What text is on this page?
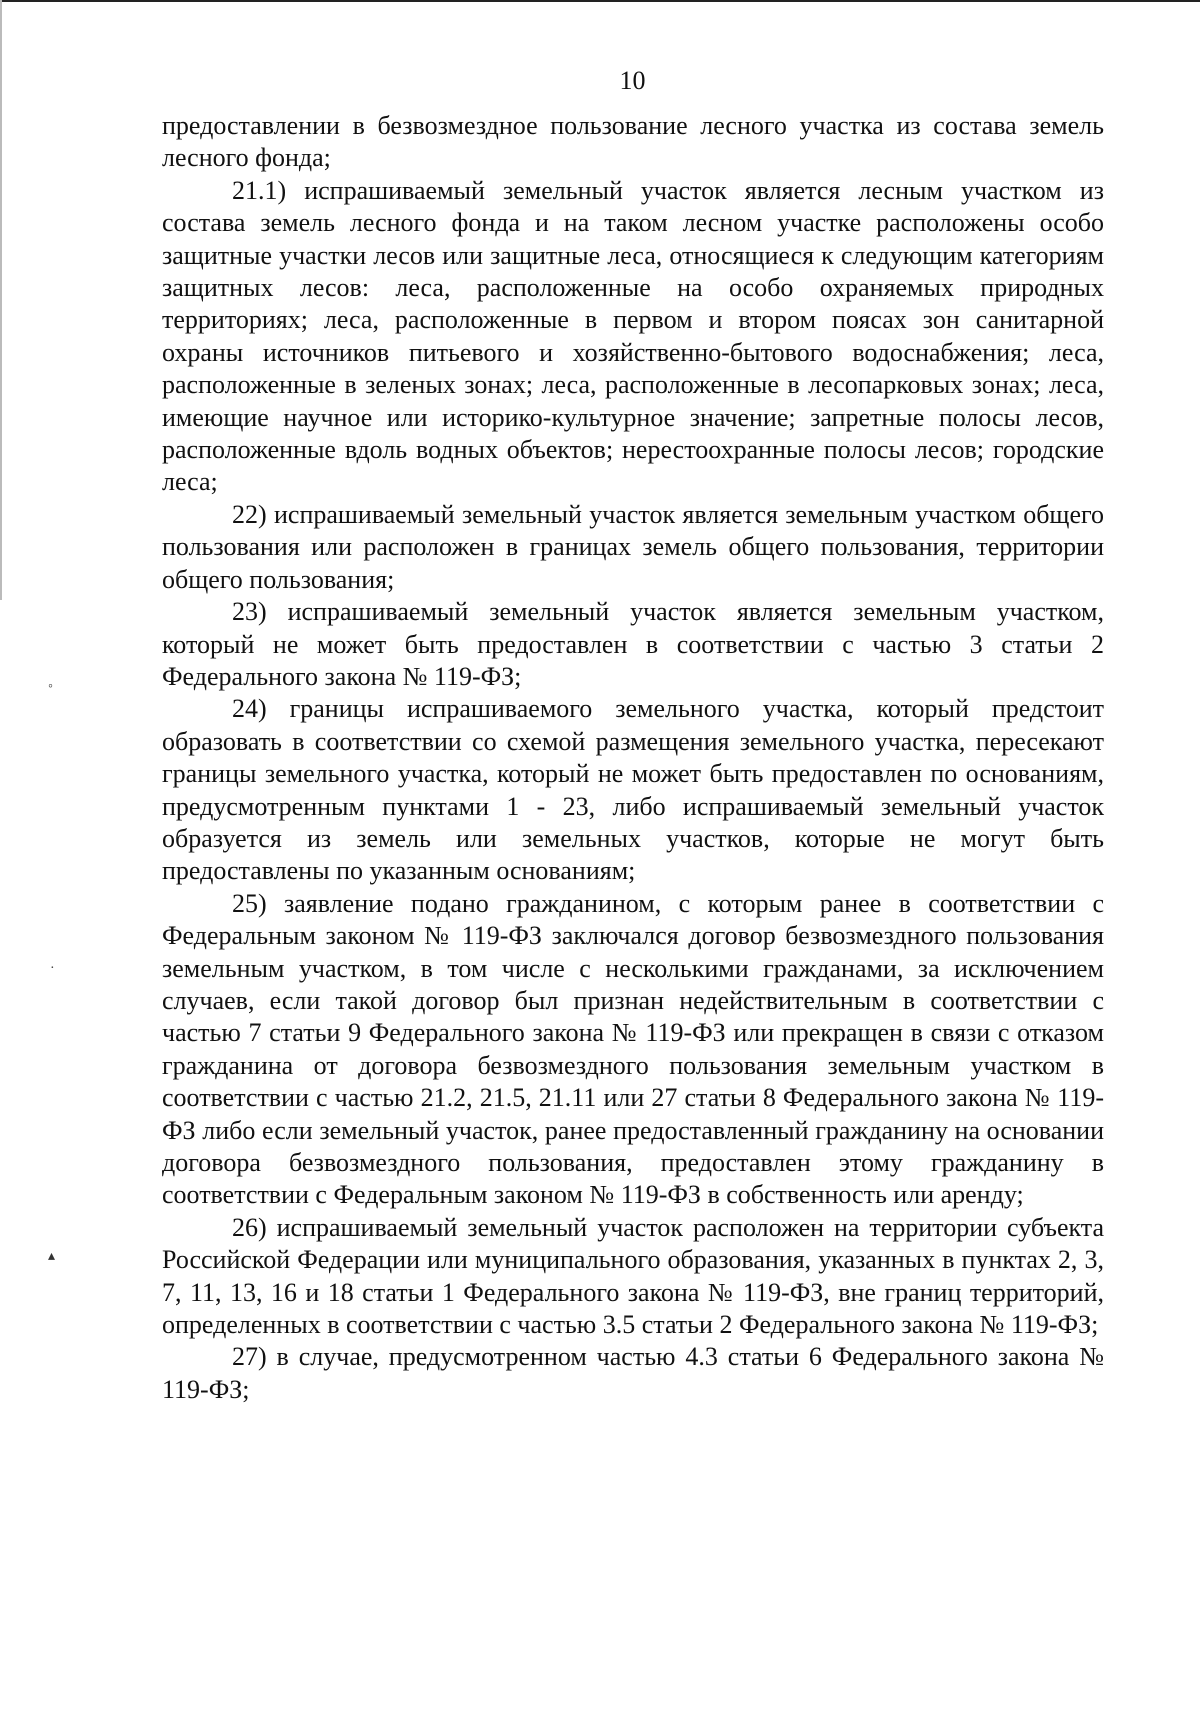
10

предоставлении в безвозмездное пользование лесного участка из состава земель лесного фонда;

21.1) испрашиваемый земельный участок является лесным участком из состава земель лесного фонда и на таком лесном участке расположены особо защитные участки лесов или защитные леса, относящиеся к следующим категориям защитных лесов: леса, расположенные на особо охраняемых природных территориях; леса, расположенные в первом и втором поясах зон санитарной охраны источников питьевого и хозяйственно-бытового водоснабжения; леса, расположенные в зеленых зонах; леса, расположенные в лесопарковых зонах; леса, имеющие научное или историко-культурное значение; запретные полосы лесов, расположенные вдоль водных объектов; нерестоохранные полосы лесов; городские леса;

22) испрашиваемый земельный участок является земельным участком общего пользования или расположен в границах земель общего пользования, территории общего пользования;

23) испрашиваемый земельный участок является земельным участком, который не может быть предоставлен в соответствии с частью 3 статьи 2 Федерального закона № 119-ФЗ;

24) границы испрашиваемого земельного участка, который предстоит образовать в соответствии со схемой размещения земельного участка, пересекают границы земельного участка, который не может быть предоставлен по основаниям, предусмотренным пунктами 1 - 23, либо испрашиваемый земельный участок образуется из земель или земельных участков, которые не могут быть предоставлены по указанным основаниям;

25) заявление подано гражданином, с которым ранее в соответствии с Федеральным законом № 119-ФЗ заключался договор безвозмездного пользования земельным участком, в том числе с несколькими гражданами, за исключением случаев, если такой договор был признан недействительным в соответствии с частью 7 статьи 9 Федерального закона № 119-ФЗ или прекращен в связи с отказом гражданина от договора безвозмездного пользования земельным участком в соответствии с частью 21.2, 21.5, 21.11 или 27 статьи 8 Федерального закона № 119-ФЗ либо если земельный участок, ранее предоставленный гражданину на основании договора безвозмездного пользования, предоставлен этому гражданину в соответствии с Федеральным законом № 119-ФЗ в собственность или аренду;

26) испрашиваемый земельный участок расположен на территории субъекта Российской Федерации или муниципального образования, указанных в пунктах 2, 3, 7, 11, 13, 16 и 18 статьи 1 Федерального закона № 119-ФЗ, вне границ территорий, определенных в соответствии с частью 3.5 статьи 2 Федерального закона № 119-ФЗ;

27) в случае, предусмотренном частью 4.3 статьи 6 Федерального закона № 119-ФЗ;

◦
·
▴
